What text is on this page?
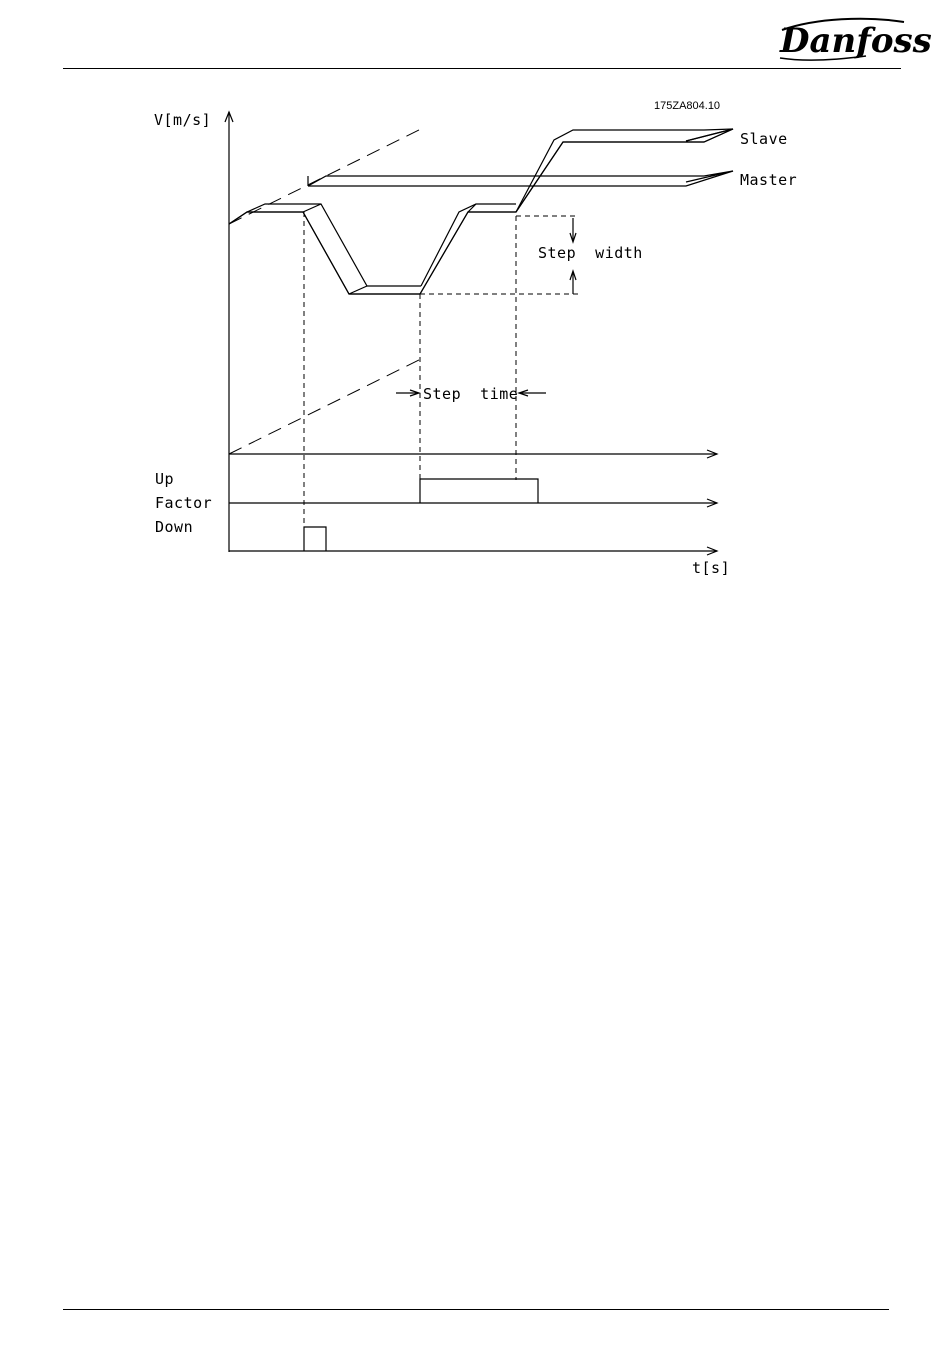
Danfoss
175ZA804.10
V[m/s]
Master
Slave
Step  width
Step  time
Up
Factor
Down
t[s]
